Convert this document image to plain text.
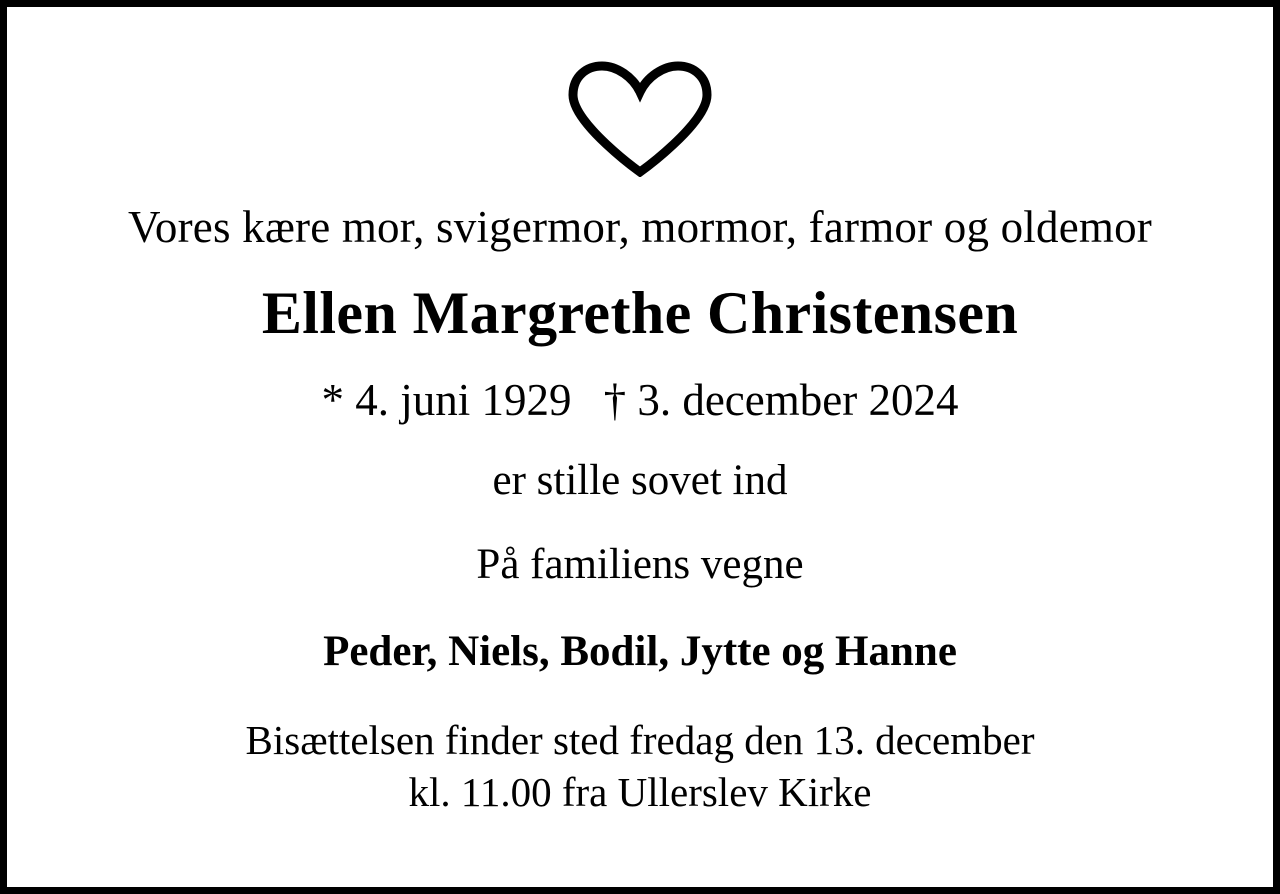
Vores kære mor, svigermor, mormor, farmor og oldemor
Ellen Margrethe Christensen
* 4. juni 1929 † 3. december 2024
er stille sovet ind
På familiens vegne
Peder, Niels, Bodil, Jytte og Hanne
Bisættelsen finder sted fredag den 13. december
kl. 11.00 fra Ullerslev Kirke
